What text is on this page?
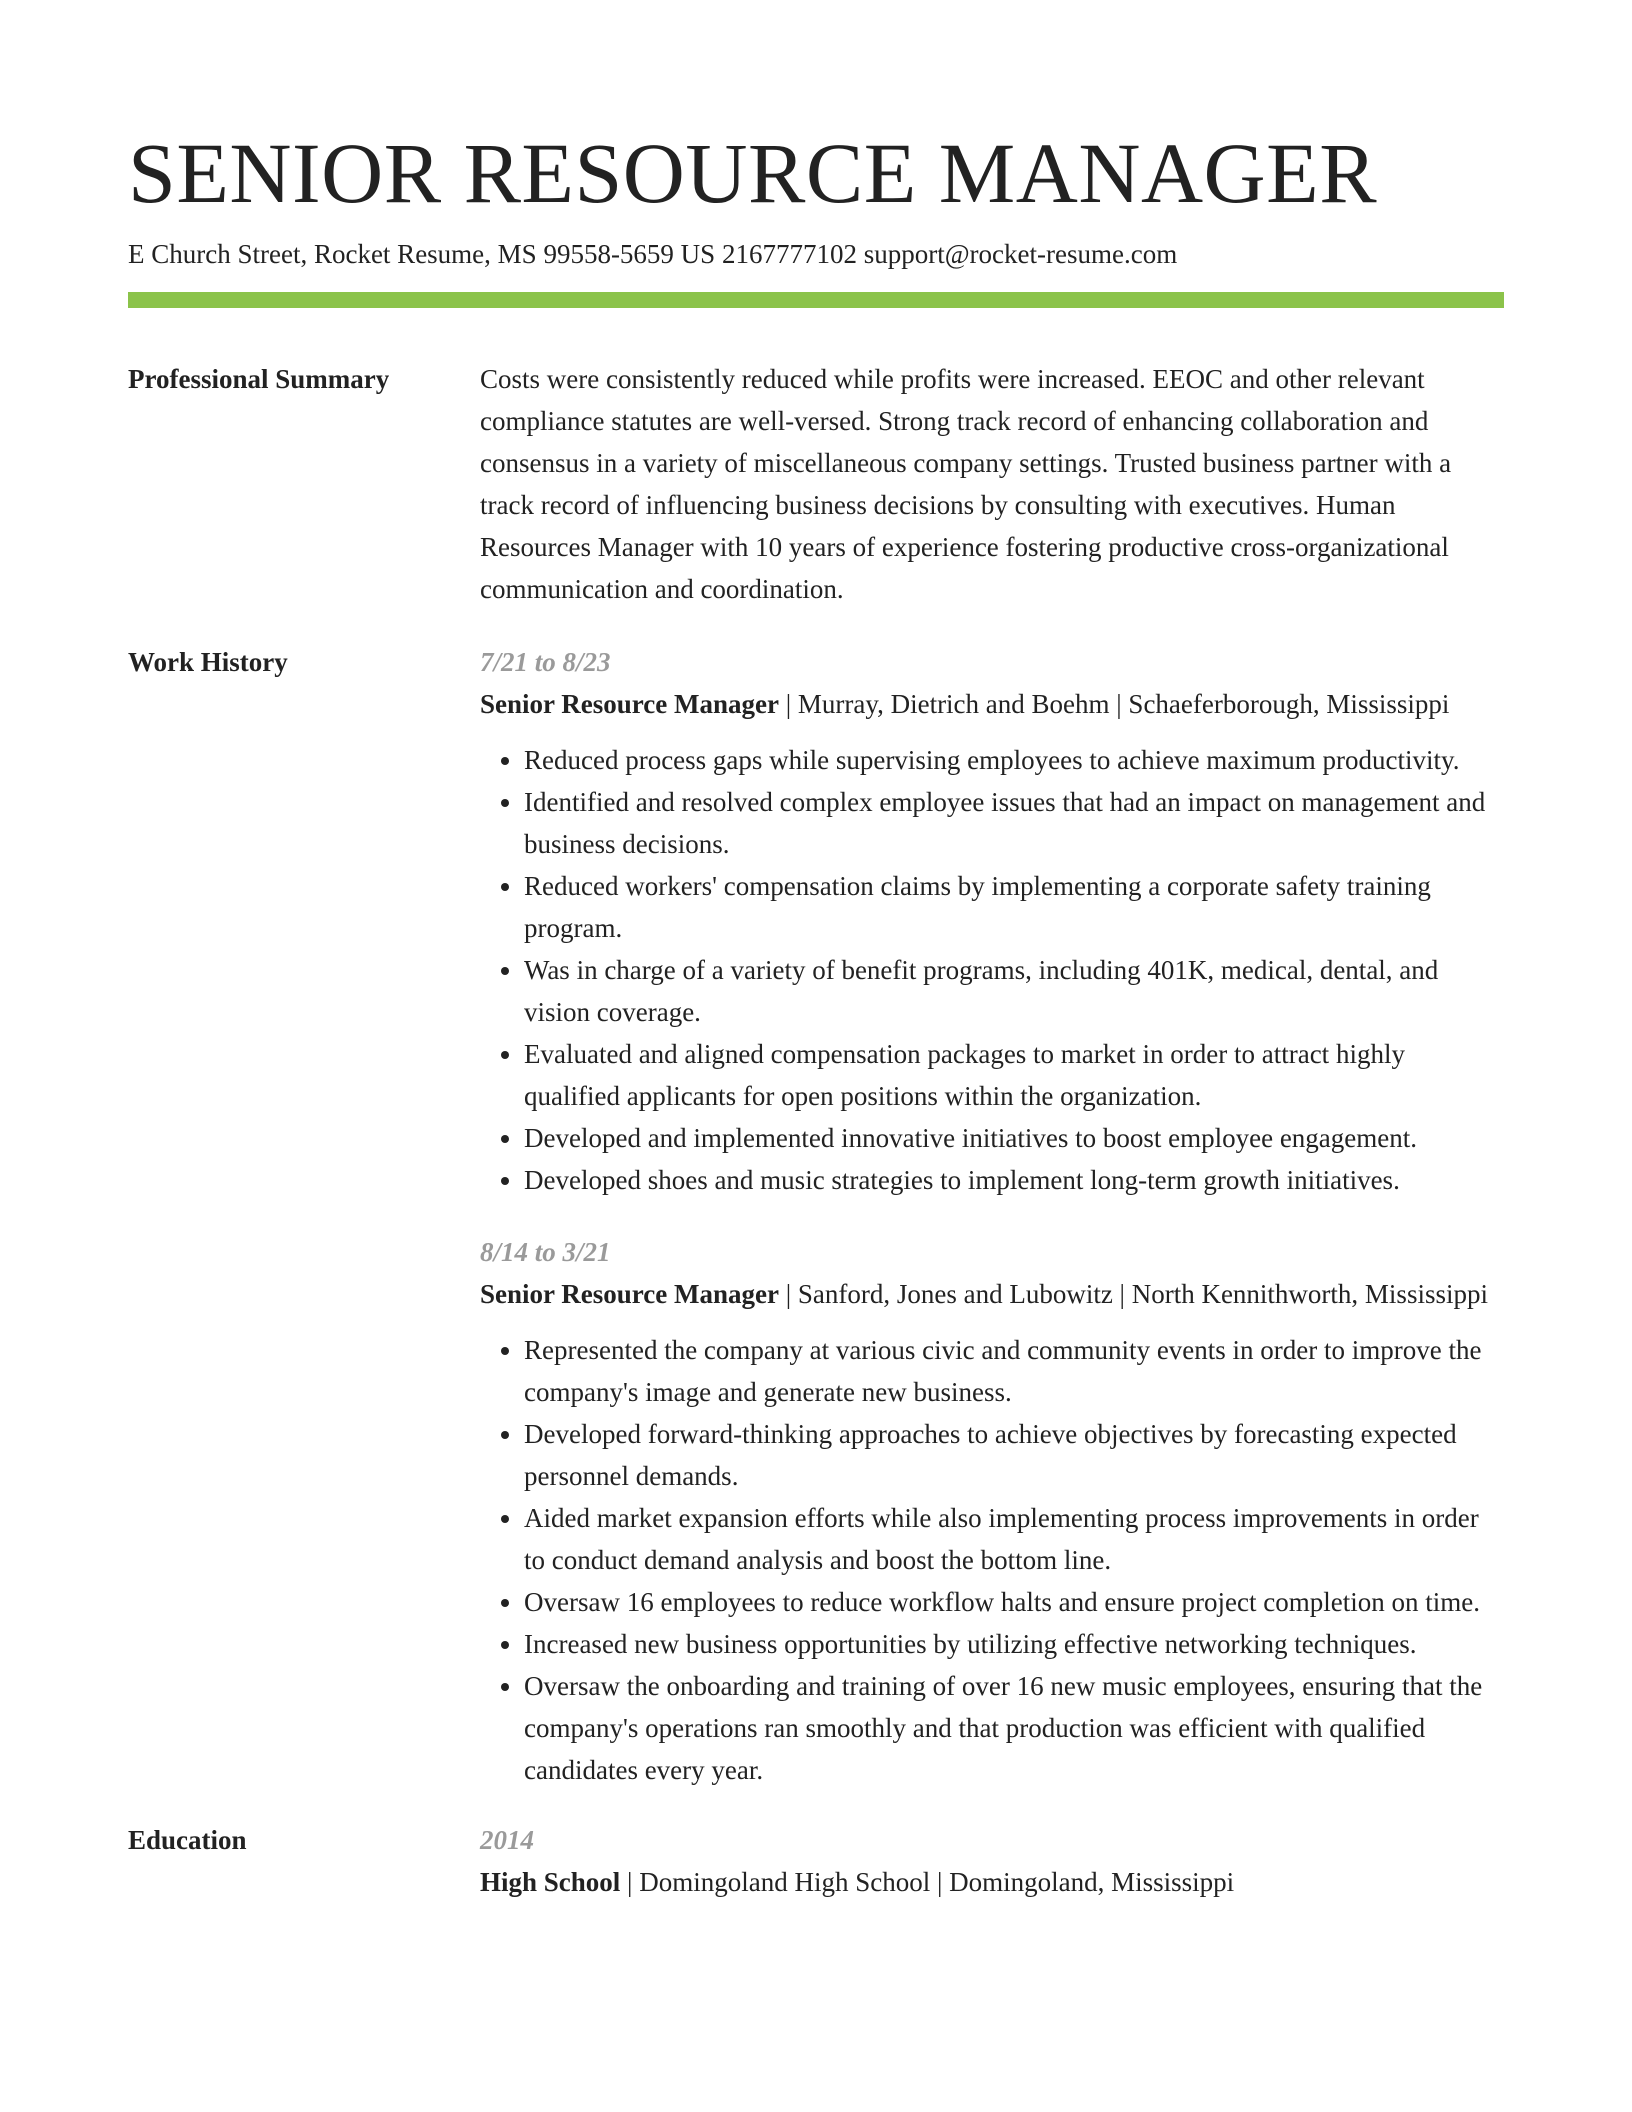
SENIOR RESOURCE MANAGER
E Church Street, Rocket Resume, MS 99558-5659 US 2167777102 support@rocket-resume.com
Professional Summary	Costs were consistently reduced while profits were increased. EEOC and other relevant compliance statutes are well-versed. Strong track record of enhancing collaboration and consensus in a variety of miscellaneous company settings. Trusted business partner with a track record of influencing business decisions by consulting with executives. Human Resources Manager with 10 years of experience fostering productive cross-organizational communication and coordination.
Work History	7/21 to 8/23
Senior Resource Manager | Murray, Dietrich and Boehm | Schaeferborough, Mississippi
• Reduced process gaps while supervising employees to achieve maximum productivity.
• Identified and resolved complex employee issues that had an impact on management and business decisions.
• Reduced workers' compensation claims by implementing a corporate safety training program.
• Was in charge of a variety of benefit programs, including 401K, medical, dental, and vision coverage.
• Evaluated and aligned compensation packages to market in order to attract highly qualified applicants for open positions within the organization.
• Developed and implemented innovative initiatives to boost employee engagement.
• Developed shoes and music strategies to implement long-term growth initiatives.
8/14 to 3/21
Senior Resource Manager | Sanford, Jones and Lubowitz | North Kennithworth, Mississippi
• Represented the company at various civic and community events in order to improve the company's image and generate new business.
• Developed forward-thinking approaches to achieve objectives by forecasting expected personnel demands.
• Aided market expansion efforts while also implementing process improvements in order to conduct demand analysis and boost the bottom line.
• Oversaw 16 employees to reduce workflow halts and ensure project completion on time.
• Increased new business opportunities by utilizing effective networking techniques.
• Oversaw the onboarding and training of over 16 new music employees, ensuring that the company's operations ran smoothly and that production was efficient with qualified candidates every year.
Education	2014
High School | Domingoland High School | Domingoland, Mississippi
